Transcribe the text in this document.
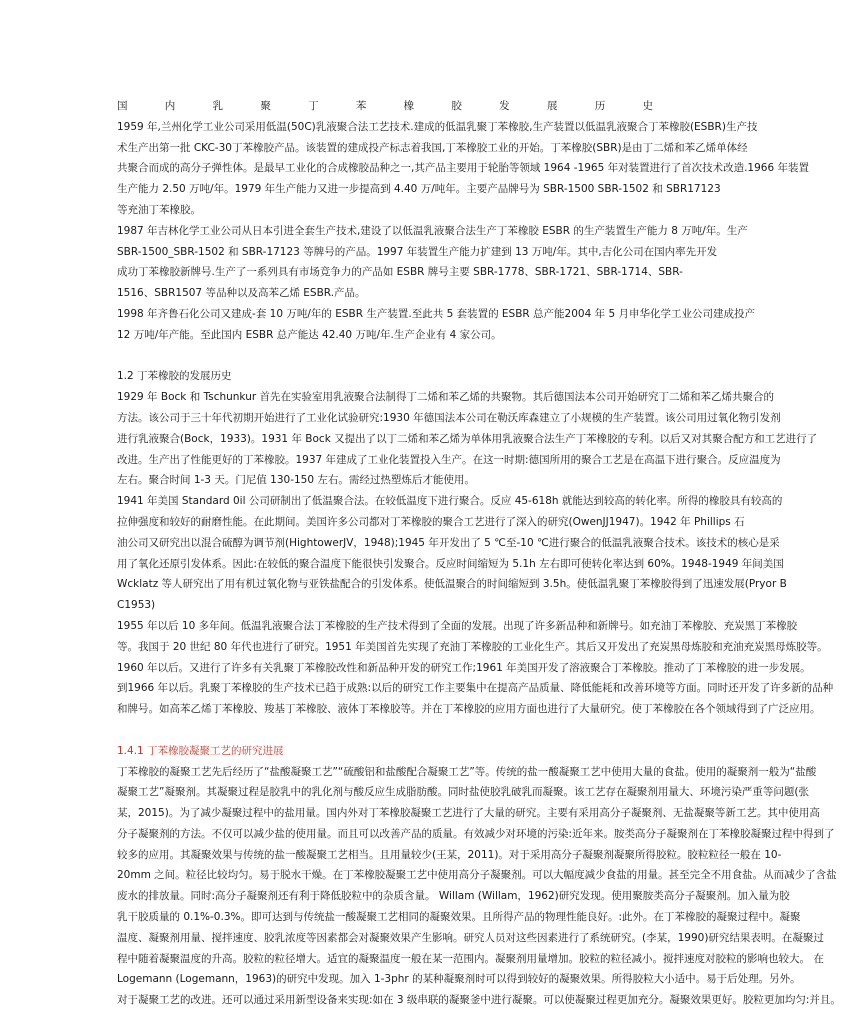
国内乳聚丁苯橡胶发展历史
1959 年,兰州化学工业公司采用低温(50C)乳液聚合法工艺技术.建成的低温乳聚丁苯橡胶,生产装置以低温乳液聚合丁苯橡胶(ESBR)生产技
术生产出第一批 CKC-30丁苯橡胶产品。该装置的建成投产标志着我国,丁苯橡胶工业的开始。丁苯橡胶(SBR)是由丁二烯和苯乙烯单体经
共聚合而成的高分子弹性体。是最早工业化的合成橡胶品种之一,其产品主要用于轮胎等领域 1964 -1965 年对装置进行了首次技术改造.1966 年装置
生产能力 2.50 万吨/年。1979 年生产能力又进一步提高到 4.40 万/吨年。主要产品牌号为 SBR-1500 SBR-1502 和 SBR17123
等充油丁苯橡胶。
1987 年吉林化学工业公司从日本引进全套生产技术,建设了以低温乳液聚合法生产丁苯橡胶 ESBR 的生产装置生产能力 8 万吨/年。生产
SBR-1500_SBR-1502 和 SBR-17123 等牌号的产品。1997 年装置生产能力扩建到 13 万吨/年。其中,吉化公司在国内率先开发
成功丁苯橡胶新牌号.生产了一系列具有市场竞争力的产品如 ESBR 牌号主要 SBR-1778、SBR-1721、SBR-1714、SBR-
1516、SBR1507 等品种以及高苯乙烯 ESBR.产品。
1998 年齐鲁石化公司又建成-套 10 万吨/年的 ESBR 生产装置.至此共 5 套装置的 ESBR 总产能2004 年 5 月申华化学工业公司建成投产
12 万吨/年产能。至此国内 ESBR 总产能达 42.40 万吨/年.生产企业有 4 家公司。
1.2 丁苯橡胶的发展历史
1929 年 Bock 和 Tschunkur 首先在实验室用乳液聚合法制得丁二烯和苯乙烯的共聚物。其后德国法本公司开始研究丁二烯和苯乙烯共聚合的
方法。该公司于三十年代初期开始进行了工业化试验研究:1930 年德国法本公司在勒沃库森建立了小规模的生产装置。该公司用过氧化物引发剂
进行乳液聚合(Bock，1933)。1931 年 Bock 又提出了以丁二烯和苯乙烯为单体用乳液聚合法生产丁苯橡胶的专利。以后又对其聚合配方和工艺进行了
改进。生产出了性能更好的丁苯橡胶。1937 年建成了工业化装置投入生产。在这一时期:德国所用的聚合工艺是在高温下进行聚合。反应温度为
左右。聚合时间 1-3 天。门尼值 130-150 左右。需经过热塑炼后才能使用。
1941 年美国 Standard 0il 公司研制出了低温聚合法。在较低温度下进行聚合。反应 45-618h 就能达到较高的转化率。所得的橡胶具有较高的
拉伸强度和较好的耐磨性能。在此期间。美国许多公司都对丁苯橡胶的聚合工艺进行了深入的研究(OwenJJ1947)。1942 年 Phillips 石
油公司又研究出以混合硫醇为调节剂(HightowerJV，1948);1945 年开发出了 5 ℃至-10 ℃进行聚合的低温乳液聚合技术。该技术的核心是采
用了氧化还原引发体系。因此:在较低的聚合温度下能很快引发聚合。反应时间缩短为 5.1h 左右即可使转化率达到 60%。1948-1949 年间美国
Wcklatz 等人研究出了用有机过氧化物与亚铁盐配合的引发体系。使低温聚合的时间缩短到 3.5h。使低温乳聚丁苯橡胶得到了迅速发展(Pryor B
C1953)
1955 年以后 10 多年间。低温乳液聚合法丁苯橡胶的生产技术得到了全面的发展。出现了许多新品种和新牌号。如充油丁苯橡胶、充炭黑丁苯橡胶
等。我国于 20 世纪 80 年代也进行了研究。1951 年美国首先实现了充油丁苯橡胶的工业化生产。其后又开发出了充炭黑母炼胶和充油充炭黑母炼胶等。
1960 年以后。又进行了许多有关乳聚丁苯橡胶改性和新品种开发的研究工作;1961 年美国开发了溶液聚合丁苯橡胶。推动了丁苯橡胶的进一步发展。
到1966 年以后。乳聚丁苯橡胶的生产技术已趋于成熟:以后的研究工作主要集中在提高产品质量、降低能耗和改善环境等方面。同时还开发了许多新的品种
和牌号。如高苯乙烯丁苯橡胶、羧基丁苯橡胶、液体丁苯橡胶等。并在丁苯橡胶的应用方面也进行了大量研究。使丁苯橡胶在各个领域得到了广泛应用。
1.4.1 丁苯橡胶凝聚工艺的研究进展
丁苯橡胶的凝聚工艺先后经历了“盐酸凝聚工艺”“硫酸铝和盐酸配合凝聚工艺”等。传统的盐一酸凝聚工艺中使用大量的食盐。使用的凝聚剂一般为“盐酸
凝聚工艺”凝聚剂。其凝聚过程是胶乳中的乳化剂与酸反应生成脂肪酸。同时盐使胶乳破乳而凝聚。该工艺存在凝聚剂用量大、环境污染严重等问题(张
某，2015)。为了减少凝聚过程中的盐用量。国内外对丁苯橡胶凝聚工艺进行了大量的研究。主要有采用高分子凝聚剂、无盐凝聚等新工艺。其中使用高
分子凝聚剂的方法。不仅可以减少盐的使用量。而且可以改善产品的质量。有效减少对环境的污染:近年来。胺类高分子凝聚剂在丁苯橡胶凝聚过程中得到了
较多的应用。其凝聚效果与传统的盐一酸凝聚工艺相当。且用量较少(王某，2011)。对于采用高分子凝聚剂凝聚所得胶粒。胶粒粒径一般在 10-
20mm 之间。粒径比较均匀。易于脱水干燥。在丁苯橡胶凝聚工艺中使用高分子凝聚剂。可以大幅度减少食盐的用量。甚至完全不用食盐。从而减少了含盐
废水的排放量。同时:高分子凝聚剂还有利于降低胶粒中的杂质含量。 Willam (Willam，1962)研究发现。使用聚胺类高分子凝聚剂。加入量为胶
乳干胶质量的 0.1%-0.3%。即可达到与传统盐一酸凝聚工艺相同的凝聚效果。且所得产品的物理性能良好。:此外。在丁苯橡胶的凝聚过程中。凝聚
温度、凝聚剂用量、搅拌速度、胶乳浓度等因素都会对凝聚效果产生影响。研究人员对这些因素进行了系统研究。(李某，1990)研究结果表明。在凝聚过
程中随着凝聚温度的升高。胶粒的粒径增大。适宜的凝聚温度一般在某一范围内。凝聚剂用量增加。胶粒的粒径减小。搅拌速度对胶粒的影响也较大。 在
Logemann (Logemann，1963)的研究中发现。加入 1-3phr 的某种凝聚剂时可以得到较好的凝聚效果。所得胶粒大小适中。易于后处理。另外。
对于凝聚工艺的改进。还可以通过采用新型设备来实现:如在 3 级串联的凝聚釜中进行凝聚。可以使凝聚过程更加充分。凝聚效果更好。胶粒更加均匀:并且。
